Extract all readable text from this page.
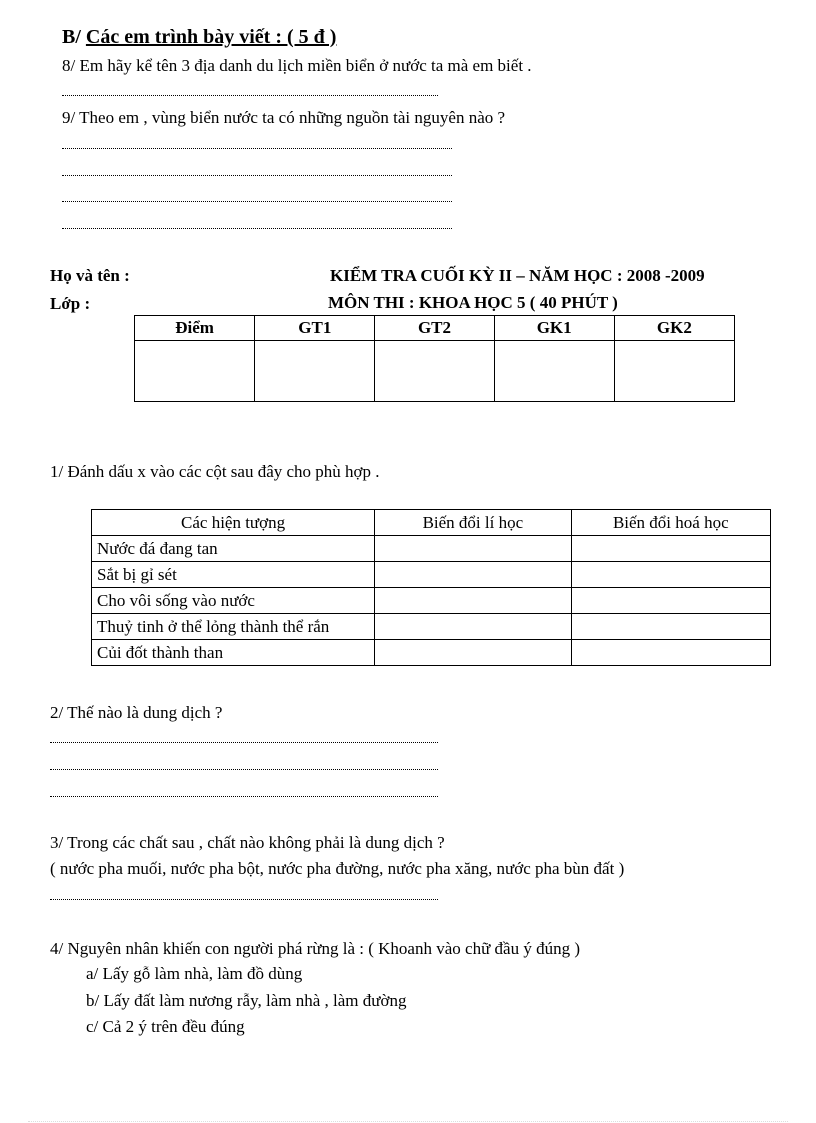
B/ Các em trình bày viết : ( 5 đ )
8/ Em hãy kể tên 3 địa danh du lịch miền biển ở nước ta mà em biết .
9/ Theo em , vùng biển nước ta có những nguồn tài nguyên nào ?
Họ và tên :
Lớp :
KIỂM TRA CUỐI KỲ II – NĂM HỌC : 2008 -2009
MÔN THI : KHOA HỌC 5 ( 40 PHÚT )
Điểm	GT1	GT2	GK1	GK2

1/ Đánh dấu x vào các cột sau đây cho phù hợp .
Các hiện tượng	Biến đổi lí học	Biến đổi hoá học
Nước đá đang tan		
Sắt bị gỉ sét		
Cho vôi sống vào nước		
Thuỷ tinh ở thể lỏng thành thể rắn		
Củi đốt thành than		
2/ Thế nào là dung dịch ?
3/ Trong các chất sau , chất nào không phải là dung dịch ?
( nước pha muối, nước pha bột, nước pha đường, nước pha xăng, nước pha bùn đất )
4/ Nguyên nhân khiến con người phá rừng là : ( Khoanh vào chữ đầu ý đúng )
a/ Lấy gỗ làm nhà, làm đồ dùng
b/ Lấy đất làm nương rẫy, làm nhà , làm đường
c/ Cả 2 ý trên đều đúng
